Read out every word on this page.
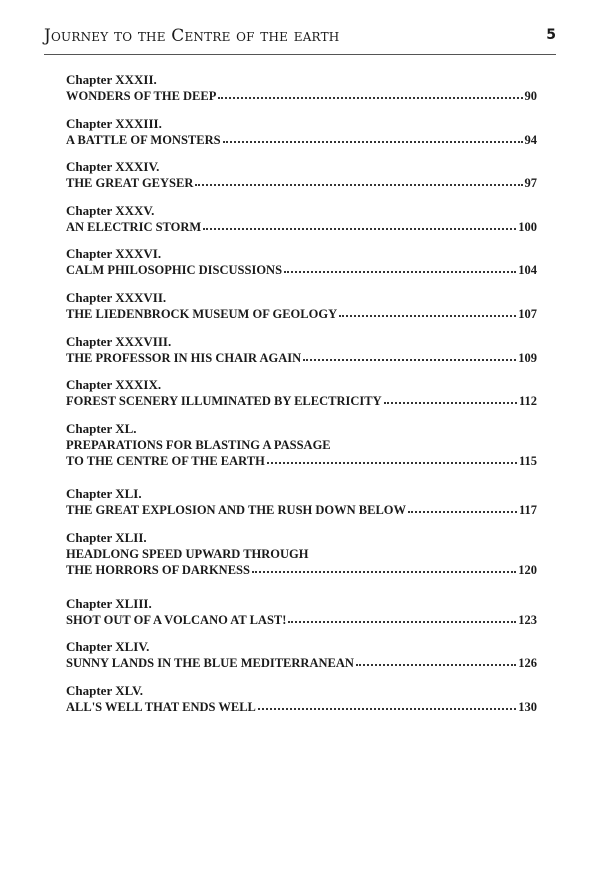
Journey to the Centre of the earth	5
Chapter XXXII.
WONDERS OF THE DEEP	90
Chapter XXXIII.
A BATTLE OF MONSTERS	94
Chapter XXXIV.
THE GREAT GEYSER	97
Chapter XXXV.
AN ELECTRIC STORM	100
Chapter XXXVI.
CALM PHILOSOPHIC DISCUSSIONS	104
Chapter XXXVII.
THE LIEDENBROCK MUSEUM OF GEOLOGY	107
Chapter XXXVIII.
THE PROFESSOR IN HIS CHAIR AGAIN	109
Chapter XXXIX.
FOREST SCENERY ILLUMINATED BY ELECTRICITY	112
Chapter XL.
PREPARATIONS FOR BLASTING A PASSAGE
TO THE CENTRE OF THE EARTH	115
Chapter XLI.
THE GREAT EXPLOSION AND THE RUSH DOWN BELOW	117
Chapter XLII.
HEADLONG SPEED UPWARD THROUGH
THE HORRORS OF DARKNESS	120
Chapter XLIII.
SHOT OUT OF A VOLCANO AT LAST!	123
Chapter XLIV.
SUNNY LANDS IN THE BLUE MEDITERRANEAN	126
Chapter XLV.
ALL'S WELL THAT ENDS WELL	130
